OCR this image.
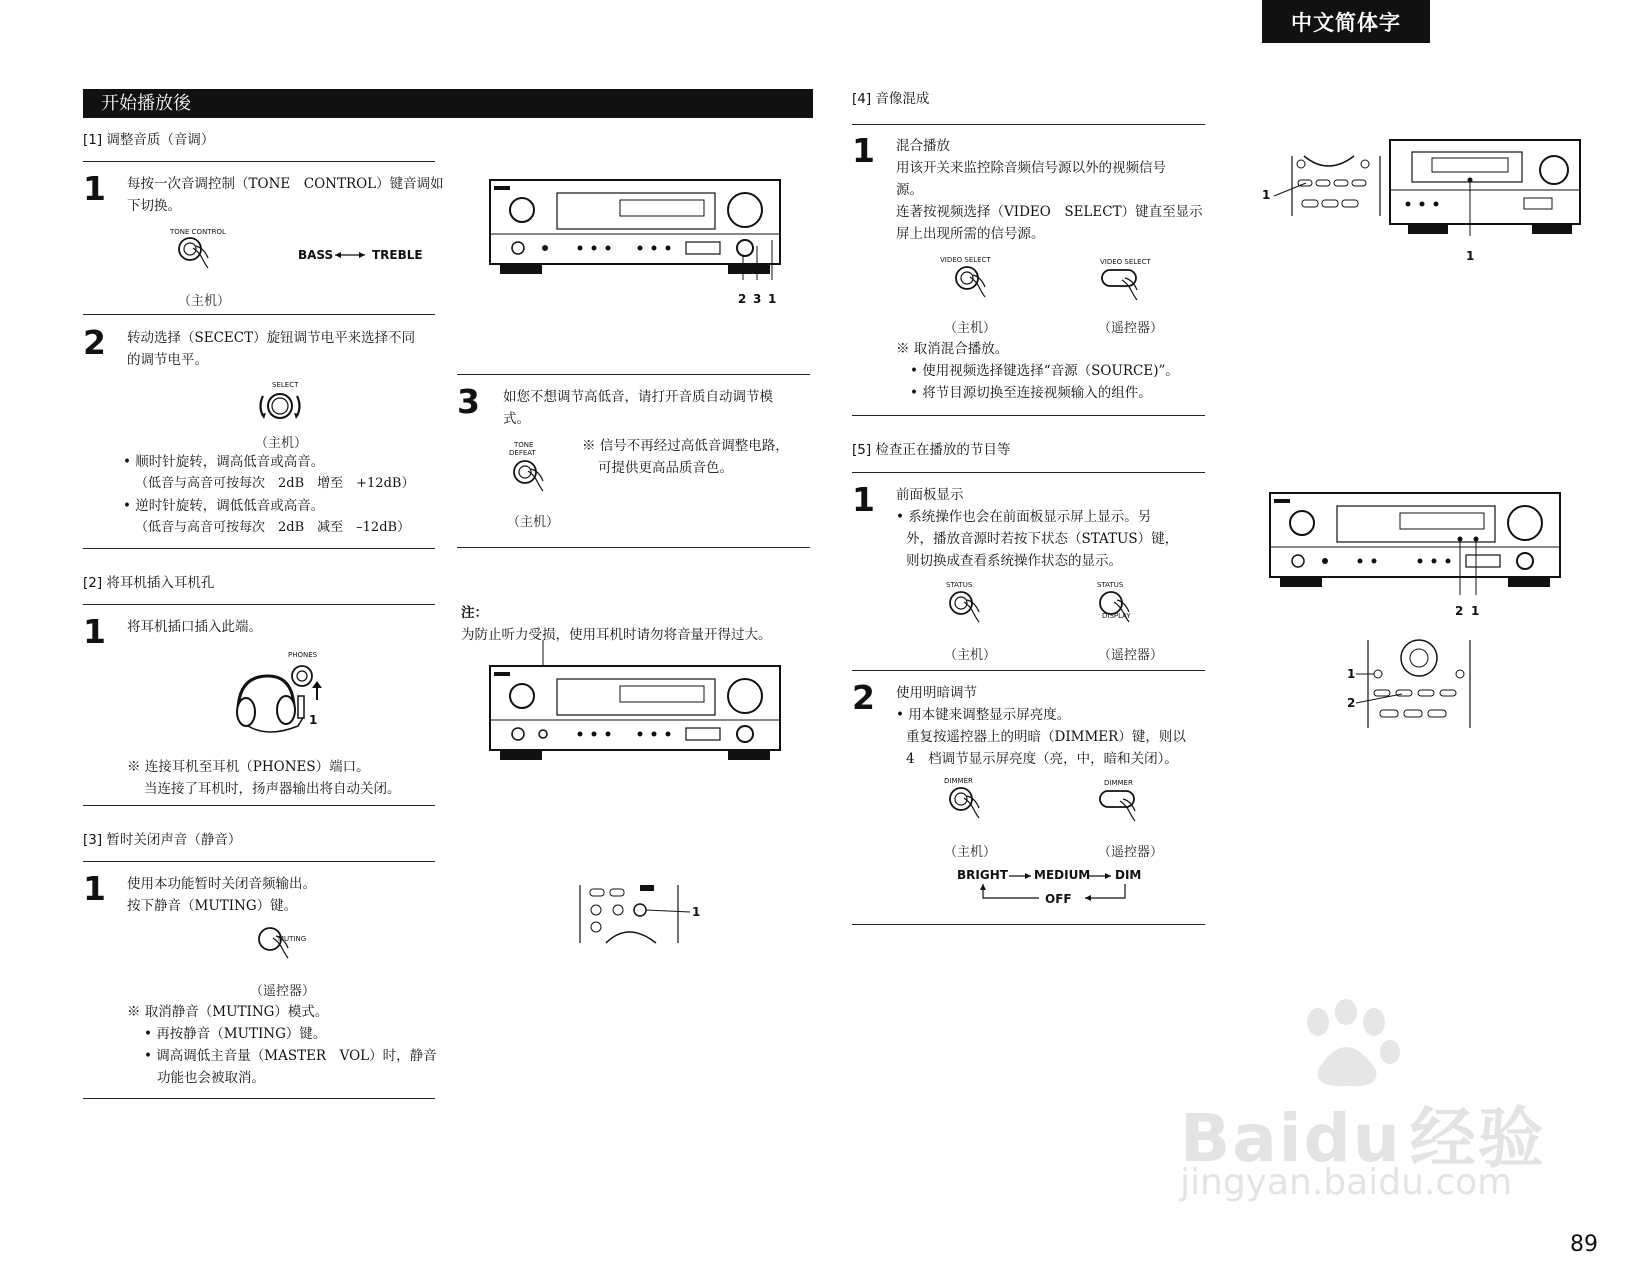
中文简体字
开始播放後
[1] 调整音质（音调）
1 每按一次音调控制（TONE　CONTROL）键音调如
下切换。
TONE CONTROL
BASS	TREBLE
（主机）
2 转动选择（SECECT）旋钮调节电平来选择不同
的调节电平。
SELECT
（主机）
• 顺时针旋转，调高低音或高音。
（低音与高音可按每次　2dB　增至　+12dB）
• 逆时针旋转，调低低音或高音。
（低音与高音可按每次　2dB　减至　–12dB）
[2] 将耳机插入耳机孔
1 将耳机插口插入此端。
PHONES
1
※ 连接耳机至耳机（PHONES）端口。
当连接了耳机时，扬声器输出将自动关闭。
[3] 暂时关闭声音（静音）
1 使用本功能暂时关闭音频输出。
按下静音（MUTING）键。
MUTING
（遥控器）
※ 取消静音（MUTING）模式。
• 再按静音（MUTING）键。
• 调高调低主音量（MASTER　VOL）时，静音
功能也会被取消。
2 3 1
3 如您不想调节高低音，请打开音质自动调节模
式。
TONE
DEFEAT
（主机）
※ 信号不再经过高低音调整电路，
可提供更高品质音色。
注：
为防止听力受损，使用耳机时请勿将音量开得过大。
1
[4] 音像混成
1 混合播放
用该开关来监控除音频信号源以外的视频信号
源。
连著按视频选择（VIDEO　SELECT）键直至显示
屏上出现所需的信号源。
VIDEO SELECT	VIDEO SELECT
（主机）	（遥控器）
※ 取消混合播放。
• 使用视频选择键选择“音源（SOURCE)”。
• 将节目源切换至连接视频输入的组件。
[5] 检查正在播放的节目等
1 前面板显示
• 系统操作也会在前面板显示屏上显示。另
外，播放音源时若按下状态（STATUS）键，
则切换成查看系统操作状态的显示。
STATUS	STATUS
DISPLAY
（主机）	（遥控器）
2 使用明暗调节
• 用本键来调整显示屏亮度。
重复按遥控器上的明暗（DIMMER）键，则以
4　档调节显示屏亮度（亮，中，暗和关闭）。
DIMMER	DIMMER
（主机）	（遥控器）
BRIGHT MEDIUM DIM
OFF
1
1
2 1
1
2
Baidu 经验
jingyan.baidu.com
89
